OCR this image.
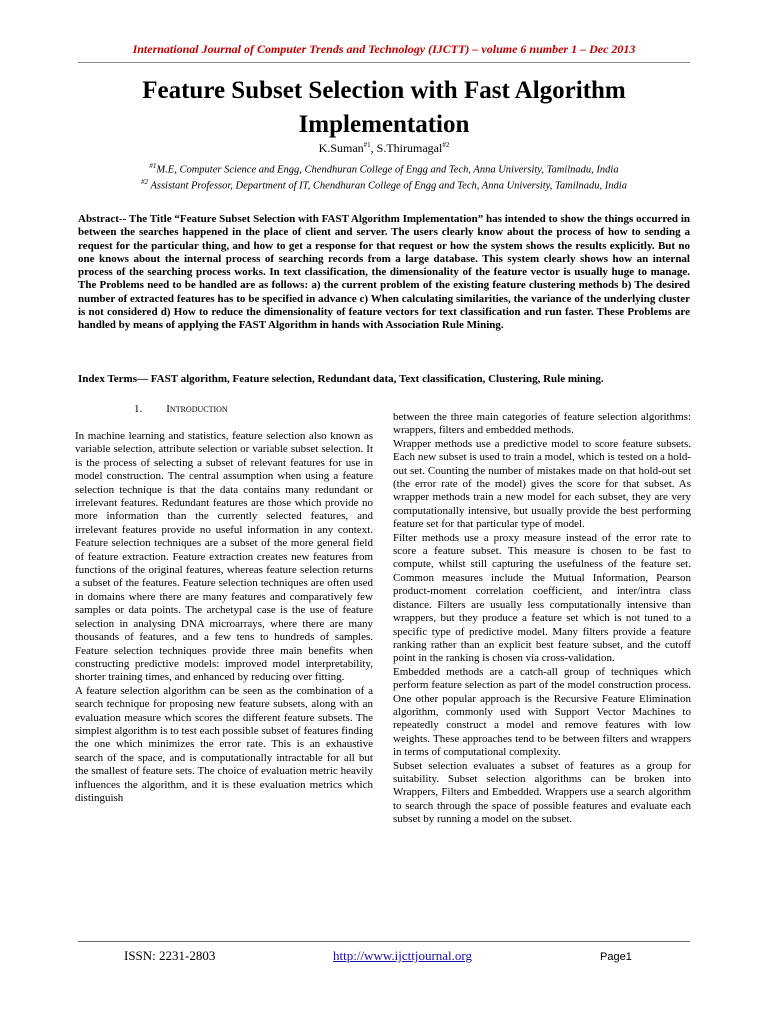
International Journal of Computer Trends and Technology (IJCTT) – volume 6 number 1 – Dec 2013
Feature Subset Selection with Fast Algorithm
Implementation
K.Suman$^{\#1}$, S.Thirumagal$^{\#2}$
$^{\#1}$M.E, Computer Science and Engg, Chendhuran College of Engg and Tech, Anna University, Tamilnadu, India
$^{\#2}$ Assistant Professor, Department of IT, Chendhuran College of Engg and Tech, Anna University, Tamilnadu, India
Abstract-- The Title “Feature Subset Selection with FAST Algorithm Implementation” has intended to show the things occurred in between the searches happened in the place of client and server. The users clearly know about the process of how to sending a request for the particular thing, and how to get a response for that request or how the system shows the results explicitly. But no one knows about the internal process of searching records from a large database. This system clearly shows how an internal process of the searching process works. In text classification, the dimensionality of the feature vector is usually huge to manage. The Problems need to be handled are as follows: a) the current problem of the existing feature clustering methods b) The desired number of extracted features has to be specified in advance c) When calculating similarities, the variance of the underlying cluster is not considered d) How to reduce the dimensionality of feature vectors for text classification and run faster. These Problems are handled by means of applying the FAST Algorithm in hands with Association Rule Mining.
Index Terms— FAST algorithm, Feature selection, Redundant data, Text classification, Clustering, Rule mining.
1. Introduction
In machine learning and statistics, feature selection also known as variable selection, attribute selection or variable subset selection. It is the process of selecting a subset of relevant features for use in model construction. The central assumption when using a feature selection technique is that the data contains many redundant or irrelevant features. Redundant features are those which provide no more information than the currently selected features, and irrelevant features provide no useful information in any context. Feature selection techniques are a subset of the more general field of feature extraction. Feature extraction creates new features from functions of the original features, whereas feature selection returns a subset of the features. Feature selection techniques are often used in domains where there are many features and comparatively few samples or data points. The archetypal case is the use of feature selection in analysing DNA microarrays, where there are many thousands of features, and a few tens to hundreds of samples. Feature selection techniques provide three main benefits when constructing predictive models: improved model interpretability, shorter training times, and enhanced by reducing over fitting.
A feature selection algorithm can be seen as the combination of a search technique for proposing new feature subsets, along with an evaluation measure which scores the different feature subsets. The simplest algorithm is to test each possible subset of features finding the one which minimizes the error rate. This is an exhaustive search of the space, and is computationally intractable for all but the smallest of feature sets. The choice of evaluation metric heavily influences the algorithm, and it is these evaluation metrics which distinguish
between the three main categories of feature selection algorithms: wrappers, filters and embedded methods.
Wrapper methods use a predictive model to score feature subsets. Each new subset is used to train a model, which is tested on a hold-out set. Counting the number of mistakes made on that hold-out set (the error rate of the model) gives the score for that subset. As wrapper methods train a new model for each subset, they are very computationally intensive, but usually provide the best performing feature set for that particular type of model.
Filter methods use a proxy measure instead of the error rate to score a feature subset. This measure is chosen to be fast to compute, whilst still capturing the usefulness of the feature set. Common measures include the Mutual Information, Pearson product-moment correlation coefficient, and inter/intra class distance. Filters are usually less computationally intensive than wrappers, but they produce a feature set which is not tuned to a specific type of predictive model. Many filters provide a feature ranking rather than an explicit best feature subset, and the cutoff point in the ranking is chosen via cross-validation.
Embedded methods are a catch-all group of techniques which perform feature selection as part of the model construction process. One other popular approach is the Recursive Feature Elimination algorithm, commonly used with Support Vector Machines to repeatedly construct a model and remove features with low weights. These approaches tend to be between filters and wrappers in terms of computational complexity.
Subset selection evaluates a subset of features as a group for suitability. Subset selection algorithms can be broken into Wrappers, Filters and Embedded. Wrappers use a search algorithm to search through the space of possible features and evaluate each subset by running a model on the subset.
ISSN: 2231-2803	http://www.ijcttjournal.org	Page1
